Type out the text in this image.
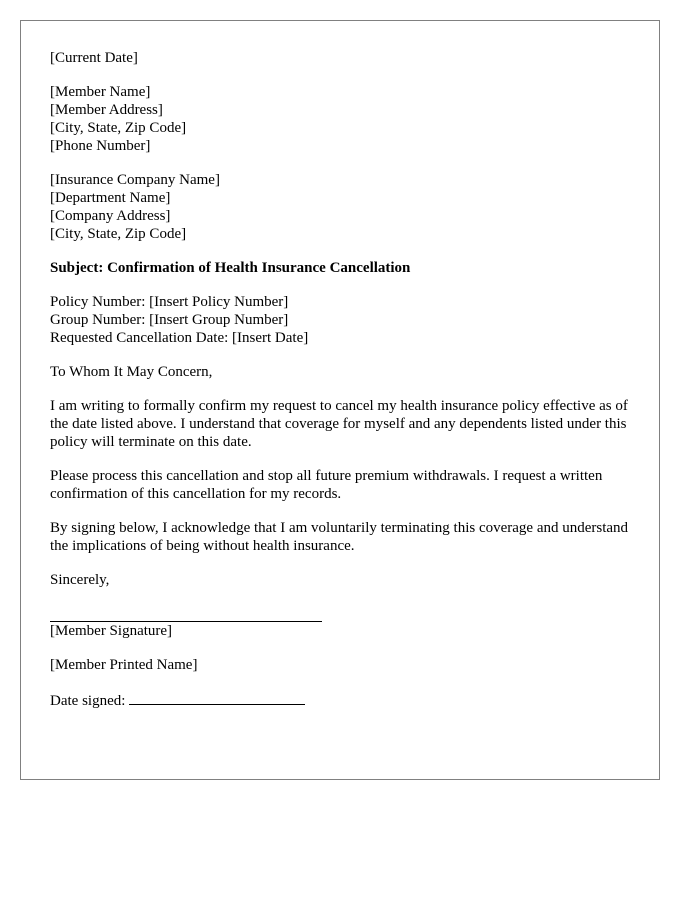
[Current Date]
[Member Name]
[Member Address]
[City, State, Zip Code]
[Phone Number]
[Insurance Company Name]
[Department Name]
[Company Address]
[City, State, Zip Code]
Subject: Confirmation of Health Insurance Cancellation
Policy Number: [Insert Policy Number]
Group Number: [Insert Group Number]
Requested Cancellation Date: [Insert Date]
To Whom It May Concern,
I am writing to formally confirm my request to cancel my health insurance policy effective as of the date listed above. I understand that coverage for myself and any dependents listed under this policy will terminate on this date.
Please process this cancellation and stop all future premium withdrawals. I request a written confirmation of this cancellation for my records.
By signing below, I acknowledge that I am voluntarily terminating this coverage and understand the implications of being without health insurance.
Sincerely,
[Member Signature]
[Member Printed Name]
Date signed:
